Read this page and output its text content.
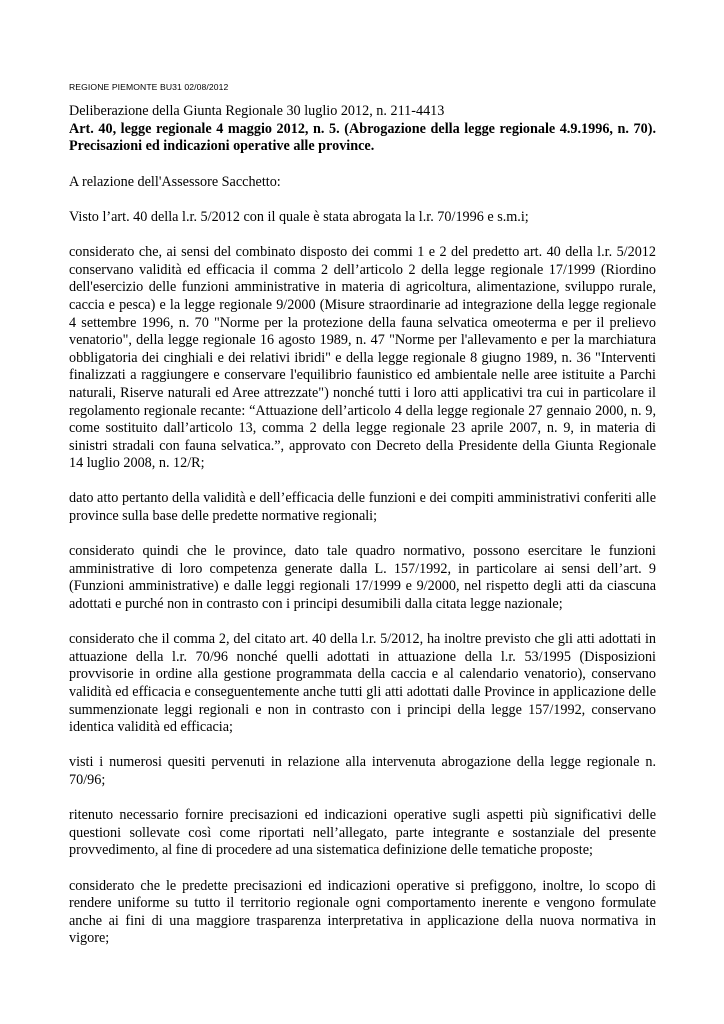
REGIONE PIEMONTE BU31 02/08/2012

Deliberazione della Giunta Regionale 30 luglio 2012, n. 211-4413

Art. 40, legge regionale 4 maggio 2012, n. 5. (Abrogazione della legge regionale 4.9.1996, n. 70). Precisazioni ed indicazioni operative alle province.

A relazione dell'Assessore Sacchetto:

Visto l’art. 40 della l.r. 5/2012 con il quale è stata abrogata la l.r. 70/1996 e s.m.i;

considerato che, ai sensi del combinato disposto dei commi 1 e 2 del predetto art. 40 della l.r. 5/2012 conservano validità ed efficacia il comma 2 dell’articolo 2 della legge regionale 17/1999 (Riordino dell'esercizio delle funzioni amministrative in materia di agricoltura, alimentazione, sviluppo rurale, caccia e pesca) e la legge regionale 9/2000 (Misure straordinarie ad integrazione della legge regionale 4 settembre 1996, n. 70 "Norme per la protezione della fauna selvatica omeoterma e per il prelievo venatorio", della legge regionale 16 agosto 1989, n. 47 "Norme per l'allevamento e per la marchiatura obbligatoria dei cinghiali e dei relativi ibridi" e della legge regionale 8 giugno 1989, n. 36 "Interventi finalizzati a raggiungere e conservare l'equilibrio faunistico ed ambientale nelle aree istituite a Parchi naturali, Riserve naturali ed Aree attrezzate") nonché tutti i loro atti applicativi tra cui in particolare il regolamento regionale recante: “Attuazione dell’articolo 4 della legge regionale 27 gennaio 2000, n. 9, come sostituito dall’articolo 13, comma 2 della legge regionale 23 aprile 2007, n. 9, in materia di sinistri stradali con fauna selvatica.”, approvato con Decreto della Presidente della Giunta Regionale 14 luglio 2008, n. 12/R;

dato atto pertanto della validità e dell’efficacia delle funzioni e dei compiti amministrativi conferiti alle province sulla base delle predette normative regionali;

considerato quindi che le province, dato tale quadro normativo, possono esercitare le funzioni amministrative di loro competenza generate dalla L. 157/1992, in particolare ai sensi dell’art. 9 (Funzioni amministrative) e dalle leggi regionali 17/1999 e 9/2000, nel rispetto degli atti da ciascuna adottati e purché non in contrasto con i principi desumibili dalla citata legge nazionale;

considerato che il comma 2, del citato art. 40 della l.r. 5/2012, ha inoltre previsto che gli atti adottati in attuazione della l.r. 70/96 nonché quelli adottati in attuazione della l.r. 53/1995 (Disposizioni provvisorie in ordine alla gestione programmata della caccia e al calendario venatorio), conservano validità ed efficacia e conseguentemente anche tutti gli atti adottati dalle Province in applicazione delle summenzionate leggi regionali e non in contrasto con i principi della legge 157/1992, conservano identica validità ed efficacia;

visti i numerosi quesiti pervenuti in relazione alla intervenuta abrogazione della legge regionale n. 70/96;

ritenuto necessario fornire precisazioni ed indicazioni operative sugli aspetti più significativi delle questioni sollevate così come riportati nell’allegato, parte integrante e sostanziale del presente provvedimento, al fine di procedere ad una sistematica definizione delle tematiche proposte;

considerato che le predette precisazioni ed indicazioni operative si prefiggono, inoltre, lo scopo di rendere uniforme su tutto il territorio regionale ogni comportamento inerente e vengono formulate anche ai fini di una maggiore trasparenza interpretativa in applicazione della nuova normativa in vigore;
